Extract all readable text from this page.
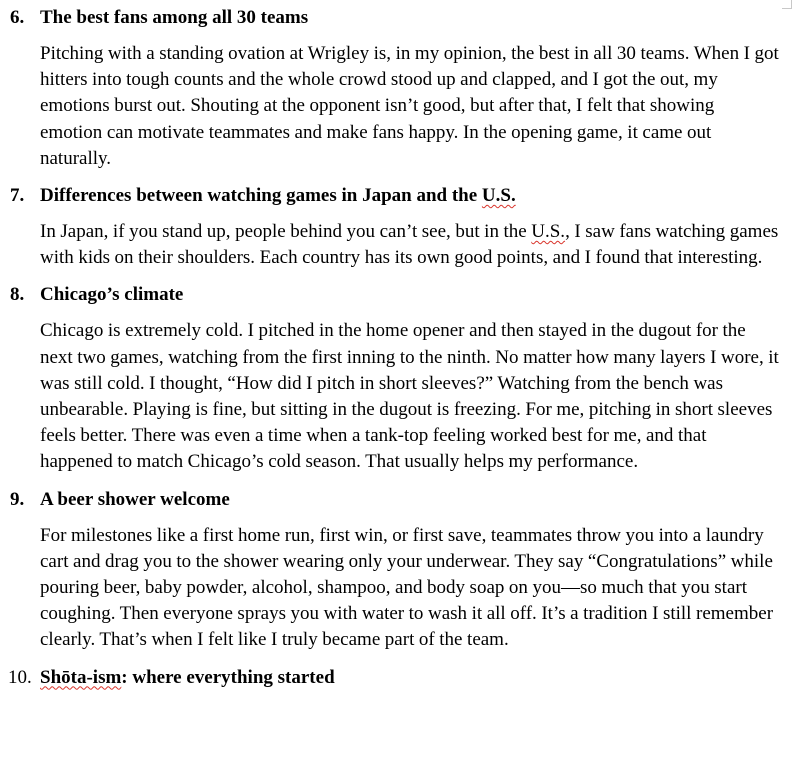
6. The best fans among all 30 teams

Pitching with a standing ovation at Wrigley is, in my opinion, the best in all 30 teams. When I got hitters into tough counts and the whole crowd stood up and clapped, and I got the out, my emotions burst out. Shouting at the opponent isn’t good, but after that, I felt that showing emotion can motivate teammates and make fans happy. In the opening game, it came out naturally.

7. Differences between watching games in Japan and the U.S.

In Japan, if you stand up, people behind you can’t see, but in the U.S., I saw fans watching games with kids on their shoulders. Each country has its own good points, and I found that interesting.

8. Chicago’s climate

Chicago is extremely cold. I pitched in the home opener and then stayed in the dugout for the next two games, watching from the first inning to the ninth. No matter how many layers I wore, it was still cold. I thought, “How did I pitch in short sleeves?” Watching from the bench was unbearable. Playing is fine, but sitting in the dugout is freezing. For me, pitching in short sleeves feels better. There was even a time when a tank-top feeling worked best for me, and that happened to match Chicago’s cold season. That usually helps my performance.

9. A beer shower welcome

For milestones like a first home run, first win, or first save, teammates throw you into a laundry cart and drag you to the shower wearing only your underwear. They say “Congratulations” while pouring beer, baby powder, alcohol, shampoo, and body soap on you—so much that you start coughing. Then everyone sprays you with water to wash it all off. It’s a tradition I still remember clearly. That’s when I felt like I truly became part of the team.

10. Shōta-ism: where everything started
